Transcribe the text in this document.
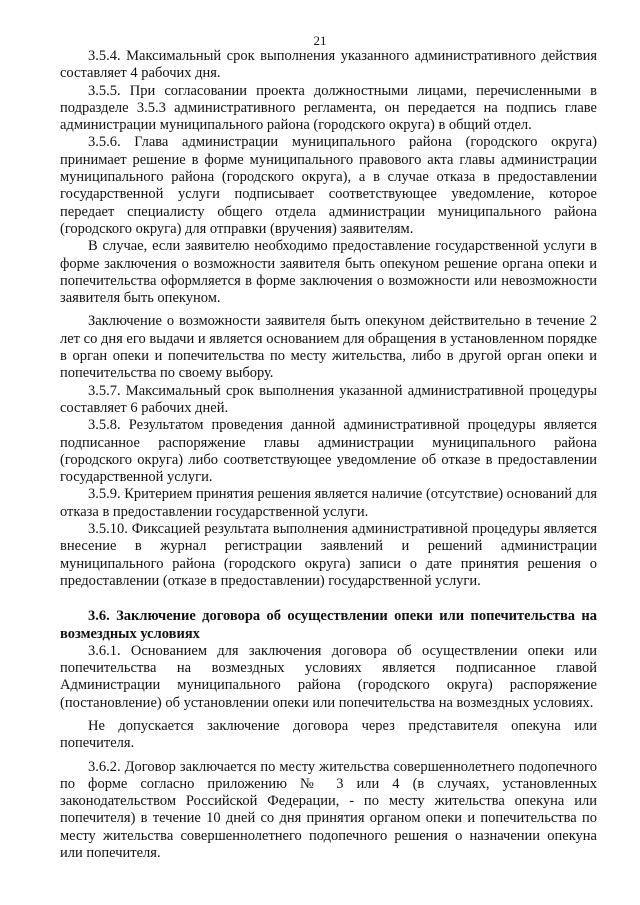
21

3.5.4. Максимальный срок выполнения указанного административного действия составляет 4 рабочих дня.

3.5.5. При согласовании проекта должностными лицами, перечисленными в подразделе 3.5.3 административного регламента, он передается на подпись главе администрации муниципального района (городского округа) в общий отдел.

3.5.6. Глава администрации муниципального района (городского округа) принимает решение в форме муниципального правового акта главы администрации муниципального района (городского округа), а в случае отказа в предоставлении государственной услуги подписывает соответствующее уведомление, которое передает специалисту общего отдела администрации муниципального района (городского округа) для отправки (вручения) заявителям.

В случае, если заявителю необходимо предоставление государственной услуги в форме заключения о возможности заявителя быть опекуном решение органа опеки и попечительства оформляется в форме заключения о возможности или невозможности заявителя быть опекуном.

Заключение о возможности заявителя быть опекуном действительно в течение 2 лет со дня его выдачи и является основанием для обращения в установленном порядке в орган опеки и попечительства по месту жительства, либо в другой орган опеки и попечительства по своему выбору.

3.5.7. Максимальный срок выполнения указанной административной процедуры составляет 6 рабочих дней.

3.5.8. Результатом проведения данной административной процедуры является подписанное распоряжение главы администрации муниципального района (городского округа) либо соответствующее уведомление об отказе в предоставлении государственной услуги.

3.5.9. Критерием принятия решения является наличие (отсутствие) оснований для отказа в предоставлении государственной услуги.

3.5.10. Фиксацией результата выполнения административной процедуры является внесение в журнал регистрации заявлений и решений администрации муниципального района (городского округа) записи о дате принятия решения о предоставлении (отказе в предоставлении) государственной услуги.

3.6. Заключение договора об осуществлении опеки или попечительства на возмездных условиях

3.6.1. Основанием для заключения договора об осуществлении опеки или попечительства на возмездных условиях является подписанное главой Администрации муниципального района (городского округа) распоряжение (постановление) об установлении опеки или попечительства на возмездных условиях.

Не допускается заключение договора через представителя опекуна или попечителя.

3.6.2. Договор заключается по месту жительства совершеннолетнего подопечного по форме согласно приложению № 3 или 4 (в случаях, установленных законодательством Российской Федерации, - по месту жительства опекуна или попечителя) в течение 10 дней со дня принятия органом опеки и попечительства по месту жительства совершеннолетнего подопечного решения о назначении опекуна или попечителя.
